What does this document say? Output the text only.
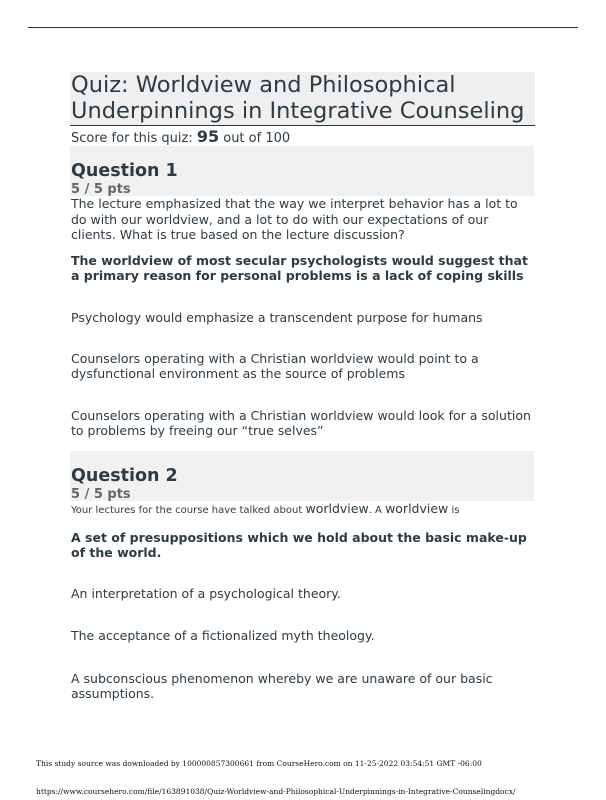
Quiz: Worldview and Philosophical Underpinnings in Integrative Counseling
Score for this quiz: 95 out of 100
Question 1
5 / 5 pts
The lecture emphasized that the way we interpret behavior has a lot to do with our worldview, and a lot to do with our expectations of our clients. What is true based on the lecture discussion?
The worldview of most secular psychologists would suggest that a primary reason for personal problems is a lack of coping skills
Psychology would emphasize a transcendent purpose for humans
Counselors operating with a Christian worldview would point to a dysfunctional environment as the source of problems
Counselors operating with a Christian worldview would look for a solution to problems by freeing our “true selves”
Question 2
5 / 5 pts
Your lectures for the course have talked about worldview. A worldview is
A set of presuppositions which we hold about the basic make-up of the world.
An interpretation of a psychological theory.
The acceptance of a fictionalized myth theology.
A subconscious phenomenon whereby we are unaware of our basic assumptions.
This study source was downloaded by 100000857300661 from CourseHero.com on 11-25-2022 03:54:51 GMT -06:00
https://www.coursehero.com/file/163891038/Quiz-Worldview-and-Philosophical-Underpinnings-in-Integrative-Counselingdocx/
